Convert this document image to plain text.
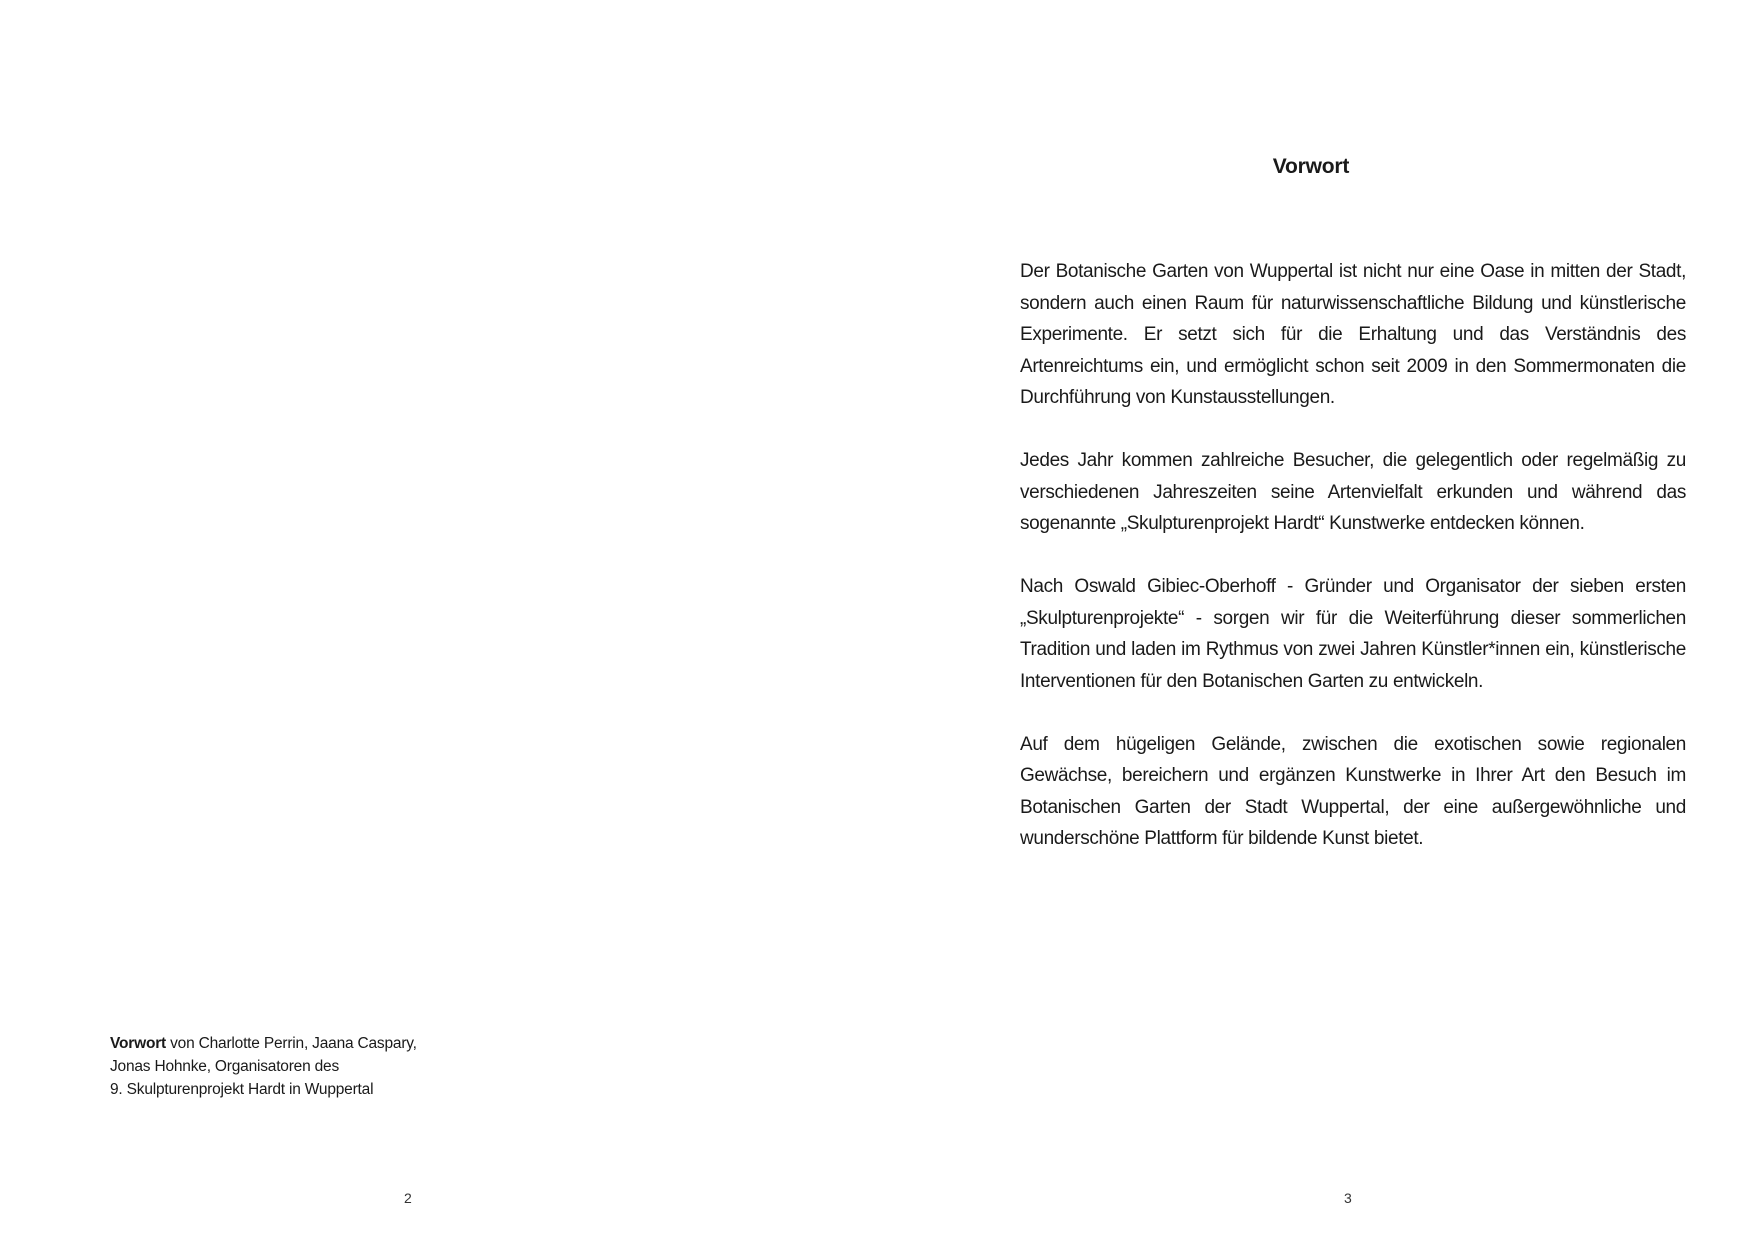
Vorwort von Charlotte Perrin, Jaana Caspary,
Jonas Hohnke, Organisatoren des
9. Skulpturenprojekt Hardt in Wuppertal
2
Vorwort

Der Botanische Garten von Wuppertal ist nicht nur eine Oase in mitten der Stadt, sondern auch einen Raum für naturwissenschaftliche Bildung und künstlerische Experimente. Er setzt sich für die Erhaltung und das Verständnis des Artenreichtums ein, und ermöglicht schon seit 2009 in den Sommermonaten die Durchführung von Kunstausstellungen.

Jedes Jahr kommen zahlreiche Besucher, die gelegentlich oder regelmäßig zu verschiedenen Jahreszeiten seine Artenvielfalt erkunden und während das sogenannte „Skulpturenprojekt Hardt“ Kunstwerke entdecken können.

Nach Oswald Gibiec-Oberhoff - Gründer und Organisator der sieben ersten „Skulpturenprojekte“ - sorgen wir für die Weiterführung dieser sommerlichen Tradition und laden im Rythmus von zwei Jahren Künstler*innen ein, künstlerische Interventionen für den Botanischen Garten zu entwickeln.

Auf dem hügeligen Gelände, zwischen die exotischen sowie regionalen Gewächse, bereichern und ergänzen Kunstwerke in Ihrer Art den Besuch im Botanischen Garten der Stadt Wuppertal, der eine außergewöhnliche und wunderschöne Plattform für bildende Kunst bietet.

3
